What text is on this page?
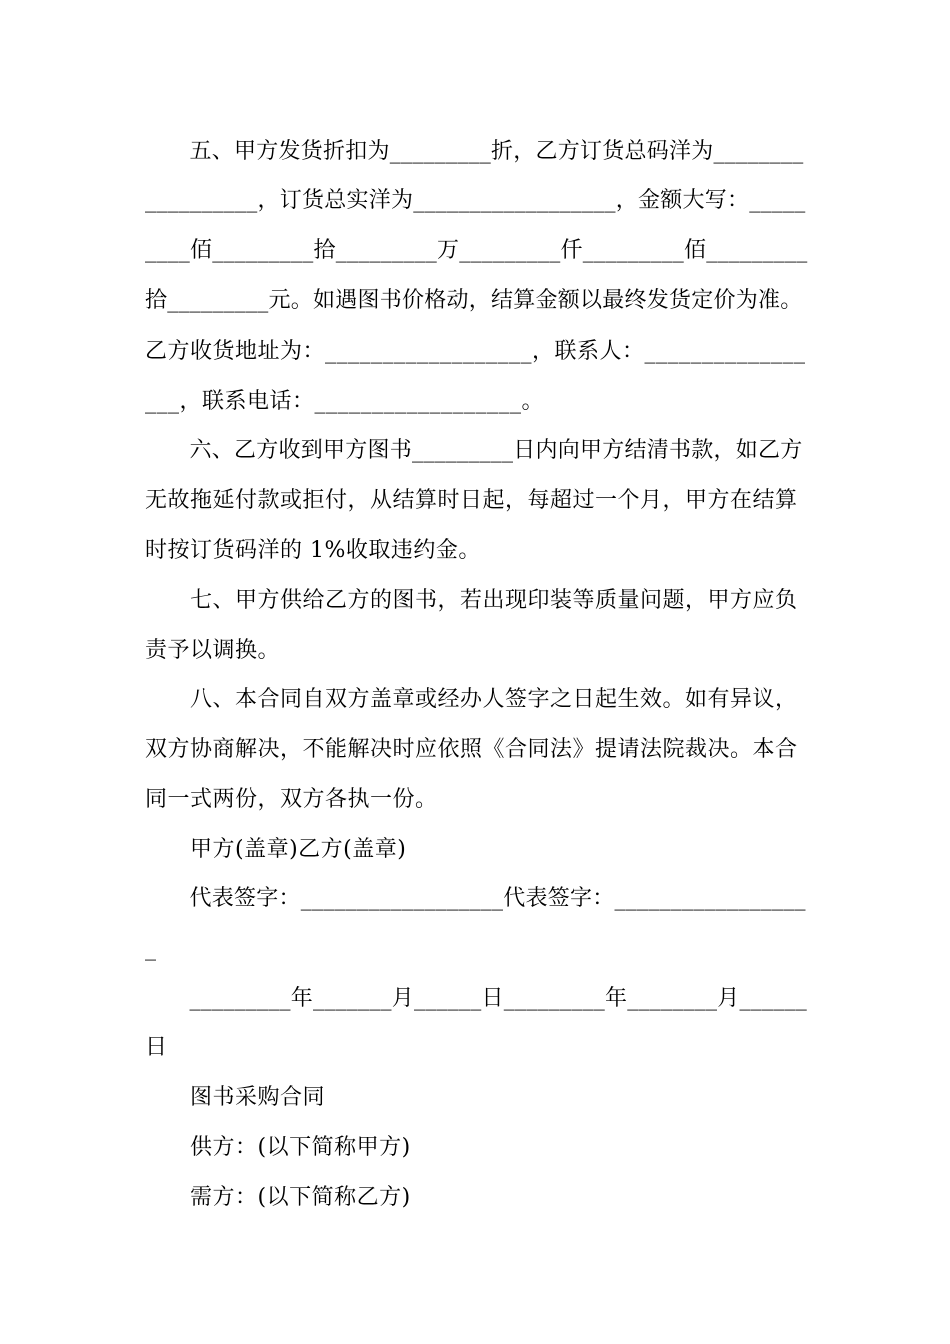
　　五、甲方发货折扣为_________折，乙方订货总码洋为________
__________，订货总实洋为__________________，金额大写：_____
____佰_________拾_________万_________仟_________佰_________
拾_________元。如遇图书价格动，结算金额以最终发货定价为准。
乙方收货地址为：__________________，联系人：______________
___，联系电话：__________________。
　　六、乙方收到甲方图书_________日内向甲方结清书款，如乙方
无故拖延付款或拒付，从结算时日起，每超过一个月，甲方在结算
时按订货码洋的 1%收取违约金。
　　七、甲方供给乙方的图书，若出现印装等质量问题，甲方应负
责予以调换。
　　八、本合同自双方盖章或经办人签字之日起生效。如有异议，
双方协商解决，不能解决时应依照《合同法》提请法院裁决。本合
同一式两份，双方各执一份。
　　甲方(盖章)乙方(盖章)
　　代表签字：__________________代表签字：_________________
_
　　_________年_______月______日_________年________月______
日
　　图书采购合同
　　供方：(以下简称甲方)
　　需方：(以下简称乙方)
